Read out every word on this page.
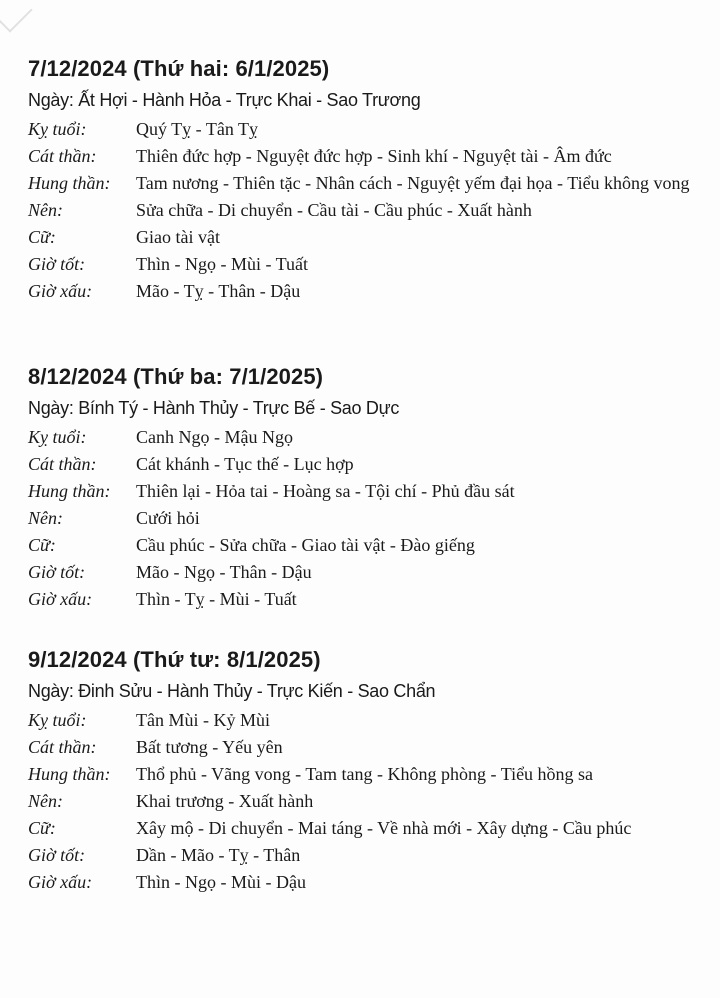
7/12/2024 (Thứ hai: 6/1/2025)
Ngày: Ất Hợi - Hành Hỏa - Trực Khai - Sao Trương
Kỵ tuổi:	Quý Tỵ - Tân Tỵ
Cát thần:	Thiên đức hợp - Nguyệt đức hợp - Sinh khí - Nguyệt tài - Âm đức
Hung thần:	Tam nương - Thiên tặc - Nhân cách - Nguyệt yếm đại họa - Tiểu không vong
Nên:	Sửa chữa - Di chuyển - Cầu tài - Cầu phúc - Xuất hành
Cữ:	Giao tài vật
Giờ tốt:	Thìn - Ngọ - Mùi - Tuất
Giờ xấu:	Mão - Tỵ - Thân - Dậu
8/12/2024 (Thứ ba: 7/1/2025)
Ngày: Bính Tý - Hành Thủy - Trực Bế - Sao Dực
Kỵ tuổi:	Canh Ngọ - Mậu Ngọ
Cát thần:	Cát khánh - Tục thế - Lục hợp
Hung thần:	Thiên lại - Hỏa tai - Hoàng sa - Tội chí - Phủ đầu sát
Nên:	Cưới hỏi
Cữ:	Cầu phúc - Sửa chữa - Giao tài vật - Đào giếng
Giờ tốt:	Mão - Ngọ - Thân - Dậu
Giờ xấu:	Thìn - Tỵ - Mùi - Tuất
9/12/2024 (Thứ tư: 8/1/2025)
Ngày: Đinh Sửu - Hành Thủy - Trực Kiến - Sao Chẩn
Kỵ tuổi:	Tân Mùi - Kỷ Mùi
Cát thần:	Bất tương - Yếu yên
Hung thần:	Thổ phủ - Vãng vong - Tam tang - Không phòng - Tiểu hồng sa
Nên:	Khai trương - Xuất hành
Cữ:	Xây mộ - Di chuyển - Mai táng - Về nhà mới - Xây dựng - Cầu phúc
Giờ tốt:	Dần - Mão - Tỵ - Thân
Giờ xấu:	Thìn - Ngọ - Mùi - Dậu
